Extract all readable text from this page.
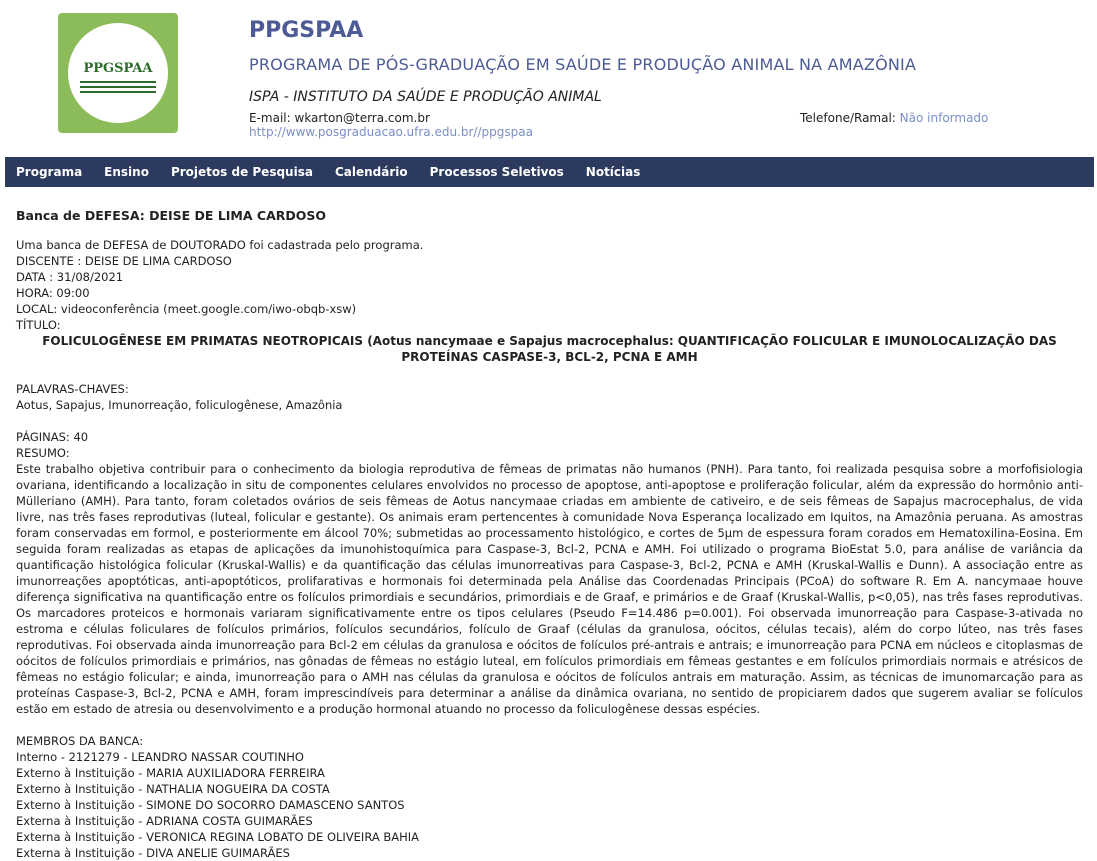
PPGSPAA
PPGSPAA
PROGRAMA DE PÓS-GRADUAÇÃO EM SAÚDE E PRODUÇÃO ANIMAL NA AMAZÔNIA
ISPA - INSTITUTO DA SAÚDE E PRODUÇÃO ANIMAL
E-mail: wkarton@terra.com.br
http://www.posgraduacao.ufra.edu.br//ppgspaa
Telefone/Ramal: Não informado
Programa	Ensino	Projetos de Pesquisa	Calendário	Processos Seletivos	Notícias

Banca de DEFESA: DEISE DE LIMA CARDOSO

Uma banca de DEFESA de DOUTORADO foi cadastrada pelo programa.

DISCENTE : DEISE DE LIMA CARDOSO

DATA : 31/08/2021

HORA: 09:00

LOCAL: videoconferência (meet.google.com/iwo-obqb-xsw)

TÍTULO:

FOLICULOGÊNESE EM PRIMATAS NEOTROPICAIS (Aotus nancymaae e Sapajus macrocephalus: QUANTIFICAÇÃO FOLICULAR E IMUNOLOCALIZAÇÃO DAS PROTEÍNAS CASPASE-3, BCL-2, PCNA E AMH

PALAVRAS-CHAVES:

Aotus, Sapajus, Imunorreação, foliculogênese, Amazônia

PÁGINAS: 40

RESUMO:

Este trabalho objetiva contribuir para o conhecimento da biologia reprodutiva de fêmeas de primatas não humanos (PNH). Para tanto, foi realizada pesquisa sobre a morfofisiologia ovariana, identificando a localização in situ de componentes celulares envolvidos no processo de apoptose, anti-apoptose e proliferação folicular, além da expressão do hormônio anti-Mülleriano (AMH). Para tanto, foram coletados ovários de seis fêmeas de Aotus nancymaae criadas em ambiente de cativeiro, e de seis fêmeas de Sapajus macrocephalus, de vida livre, nas três fases reprodutivas (luteal, folicular e gestante). Os animais eram pertencentes à comunidade Nova Esperança localizado em Iquitos, na Amazônia peruana. As amostras foram conservadas em formol, e posteriormente em álcool 70%; submetidas ao processamento histológico, e cortes de 5µm de espessura foram corados em Hematoxilina-Eosina. Em seguida foram realizadas as etapas de aplicações da imunohistoquímica para Caspase-3, Bcl-2, PCNA e AMH. Foi utilizado o programa BioEstat 5.0, para análise de variância da quantificação histológica folicular (Kruskal-Wallis) e da quantificação das células imunorreativas para Caspase-3, Bcl-2, PCNA e AMH (Kruskal-Wallis e Dunn). A associação entre as imunorreações apoptóticas, anti-apoptóticos, prolifarativas e hormonais foi determinada pela Análise das Coordenadas Principais (PCoA) do software R. Em A. nancymaae houve diferença significativa na quantificação entre os folículos primordiais e secundários, primordiais e de Graaf, e primários e de Graaf (Kruskal-Wallis, p<0,05), nas três fases reprodutivas. Os marcadores proteicos e hormonais variaram significativamente entre os tipos celulares (Pseudo F=14.486 p=0.001). Foi observada imunorreação para Caspase-3-ativada no estroma e células foliculares de folículos primários, folículos secundários, folículo de Graaf (células da granulosa, oócitos, células tecais), além do corpo lúteo, nas três fases reprodutivas. Foi observada ainda imunorreação para Bcl-2 em células da granulosa e oócitos de folículos pré-antrais e antrais; e imunorreação para PCNA em núcleos e citoplasmas de oócitos de folículos primordiais e primários, nas gônadas de fêmeas no estágio luteal, em folículos primordiais em fêmeas gestantes e em folículos primordiais normais e atrésicos de fêmeas no estágio folicular; e ainda, imunorreação para o AMH nas células da granulosa e oócitos de folículos antrais em maturação. Assim, as técnicas de imunomarcação para as proteínas Caspase-3, Bcl-2, PCNA e AMH, foram imprescindíveis para determinar a análise da dinâmica ovariana, no sentido de propiciarem dados que sugerem avaliar se folículos estão em estado de atresia ou desenvolvimento e a produção hormonal atuando no processo da foliculogênese dessas espécies.

MEMBROS DA BANCA:

Interno - 2121279 - LEANDRO NASSAR COUTINHO

Externo à Instituição - MARIA AUXILIADORA FERREIRA

Externo à Instituição - NATHALIA NOGUEIRA DA COSTA

Externo à Instituição - SIMONE DO SOCORRO DAMASCENO SANTOS

Externa à Instituição - ADRIANA COSTA GUIMARÃES

Externa à Instituição - VERONICA REGINA LOBATO DE OLIVEIRA BAHIA

Externa à Instituição - DIVA ANELIE GUIMARÃES
